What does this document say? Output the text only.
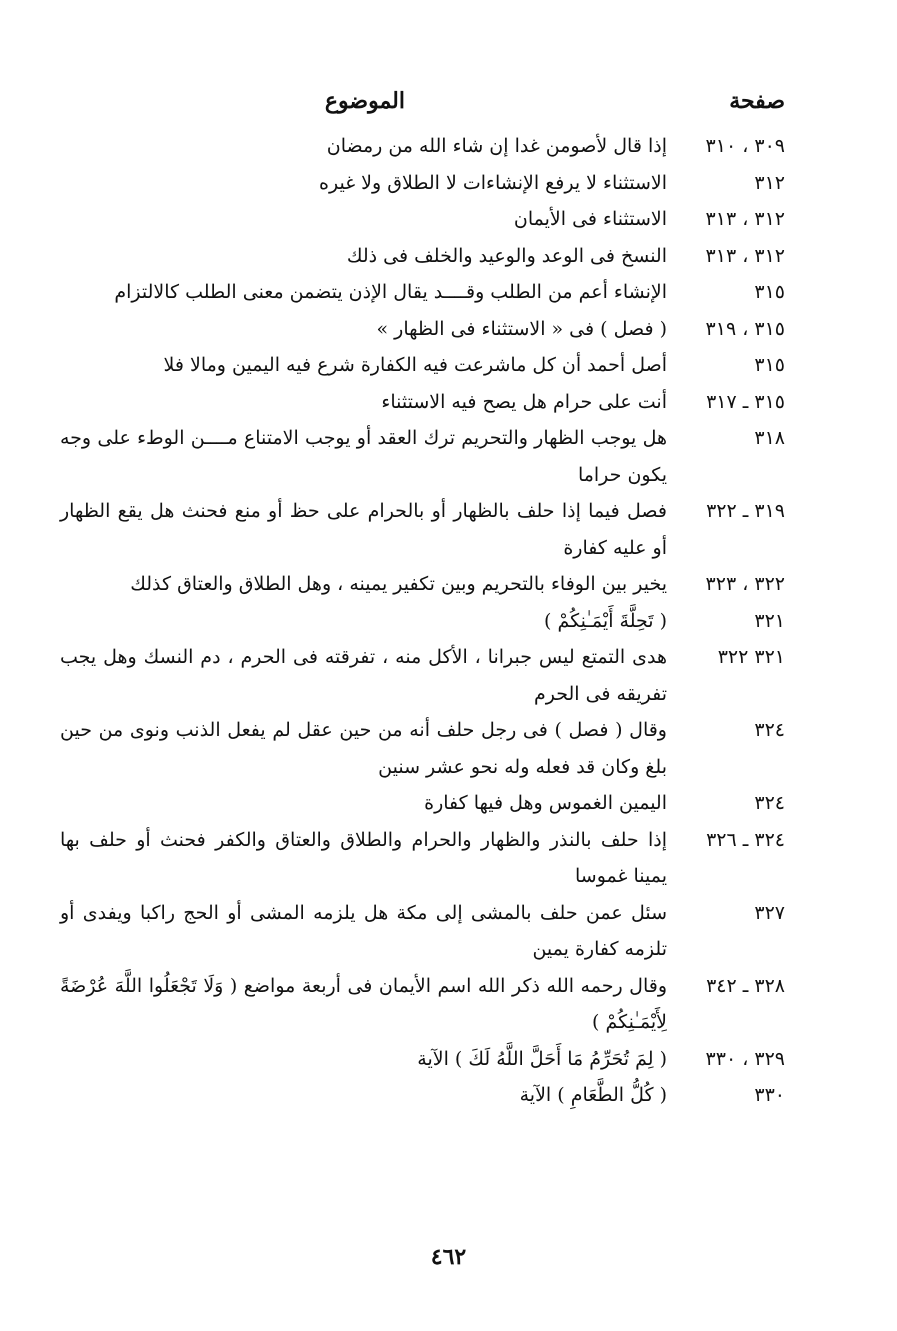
صفحة
الموضوع
٣٠٩ ، ٣١٠
إذا قال لأصومن غدا إن شاء الله من رمضان
٣١٢
الاستثناء لا يرفع الإنشاءات لا الطلاق ولا غيره
٣١٢ ، ٣١٣
الاستثناء فى الأيمان
٣١٢ ، ٣١٣
النسخ فى الوعد والوعيد والخلف فى ذلك
٣١٥
الإنشاء أعم من الطلب وقــــد يقال الإذن يتضمن معنى الطلب كالالتزام
٣١٥ ، ٣١٩
( فصل ) فى « الاستثناء فى الظهار »
٣١٥
أصل أحمد أن كل ماشرعت فيه الكفارة شرع فيه اليمين ومالا فلا
٣١٥ ـ ٣١٧
أنت على حرام هل يصح فيه الاستثناء
٣١٨
هل يوجب الظهار والتحريم ترك العقد أو يوجب الامتناع مــــن الوطء على وجه يكون حراما
٣١٩ ـ ٣٢٢
فصل فيما إذا حلف بالظهار أو بالحرام على حظ أو منع فحنث هل يقع الظهار أو عليه كفارة
٣٢٢ ، ٣٢٣
يخير بين الوفاء بالتحريم وبين تكفير يمينه ، وهل الطلاق والعتاق كذلك
٣٢١
( تَحِلَّةَ أَيْمَـٰنِكُمْ )
٣٢١ ٣٢٢
هدى التمتع ليس جبرانا ، الأكل منه ، تفرقته فى الحرم ، دم النسك وهل يجب تفريقه فى الحرم
٣٢٤
وقال ( فصل ) فى رجل حلف أنه من حين عقل لم يفعل الذنب ونوى من حين بلغ وكان قد فعله وله نحو عشر سنين
٣٢٤
اليمين الغموس وهل فيها كفارة
٣٢٤ ـ ٣٢٦
إذا حلف بالنذر والظهار والحرام والطلاق والعتاق والكفر فحنث أو حلف بها يمينا غموسا
٣٢٧
سئل عمن حلف بالمشى إلى مكة هل يلزمه المشى أو الحج راكبا ويفدى أو تلزمه كفارة يمين
٣٢٨ ـ ٣٤٢
وقال رحمه الله ذكر الله اسم الأيمان فى أربعة مواضع ( وَلَا تَجْعَلُوا اللَّهَ عُرْضَةً لِأَيْمَـٰنِكُمْ )
٣٢٩ ، ٣٣٠
( لِمَ تُحَرِّمُ مَا أَحَلَّ اللَّهُ لَكَ ) الآية
٣٣٠
( كُلُّ الطَّعَامِ ) الآية
٤٦٢
